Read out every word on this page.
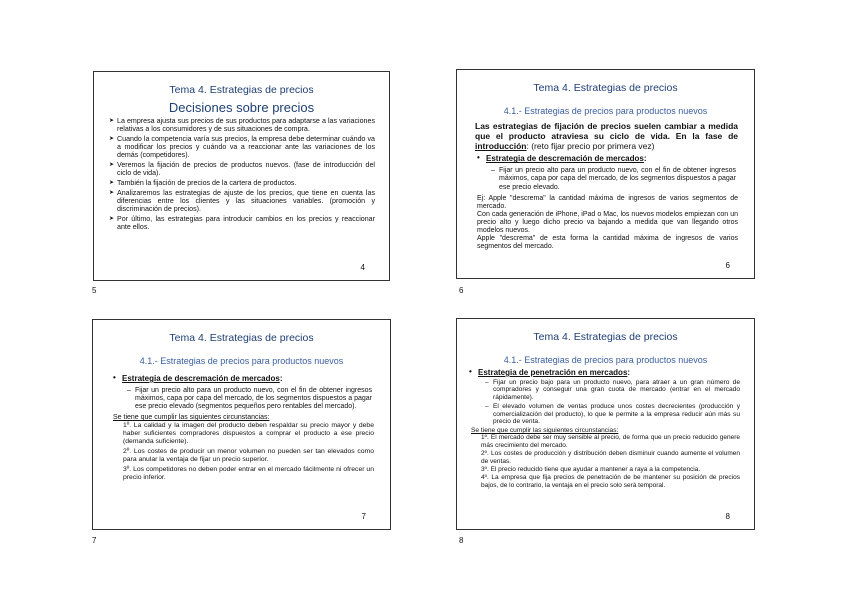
Tema 4. Estrategias de precios
Decisiones sobre precios
➤ La empresa ajusta sus precios de sus productos para adaptarse a las variaciones relativas a los consumidores y de sus situaciones de compra.
➤ Cuando la competencia varía sus precios, la empresa debe determinar cuándo va a modificar los precios y cuándo va a reaccionar ante las variaciones de los demás (competidores).
➤ Veremos la fijación de precios de productos nuevos. (fase de introducción del ciclo de vida).
➤ También la fijación de precios de la cartera de productos.
➤ Analizaremos las estrategias de ajuste de los precios, que tiene en cuenta las diferencias entre los clientes y las situaciones variables. (promoción y discriminación de precios).
➤ Por último, las estrategias para introducir cambios en los precios y reaccionar ante ellos.
4
5
Tema 4. Estrategias de precios
4.1.- Estrategias de precios para productos nuevos

Las estrategias de fijación de precios suelen cambiar a medida que el producto atraviesa su ciclo de vida. En la fase de introducción: (reto fijar precio por primera vez)

• Estrategia de descremación de mercados:
– Fijar un precio alto para un producto nuevo, con el fin de obtener ingresos máximos, capa por capa del mercado, de los segmentos dispuestos a pagar ese precio elevado.

Ej: Apple "descrema" la cantidad máxima de ingresos de varios segmentos de mercado.

Con cada generación de iPhone, iPad o Mac, los nuevos modelos empiezan con un precio alto y luego dicho precio va bajando a medida que van llegando otros modelos nuevos.

Apple "descrema" de esta forma la cantidad máxima de ingresos de varios segmentos del mercado.

6
6
Tema 4. Estrategias de precios
4.1.- Estrategias de precios para productos nuevos
• Estrategia de descremación de mercados:
– Fijar un precio alto para un producto nuevo, con el fin de obtener ingresos máximos, capa por capa del mercado, de los segmentos dispuestos a pagar ese precio elevado (segmentos pequeños pero rentables del mercado).
Se tiene que cumplir las siguientes circunstancias:

1º. La calidad y la imagen del producto deben respaldar su precio mayor y debe haber suficientes compradores dispuestos a comprar el producto a ese precio (demanda suficiente).

2º. Los costes de producir un menor volumen no pueden ser tan elevados como para anular la ventaja de fijar un precio superior.

3º. Los competidores no deben poder entrar en el mercado fácilmente ni ofrecer un precio inferior.

7
7
Tema 4. Estrategias de precios
4.1.- Estrategias de precios para productos nuevos
• Estrategia de penetración en mercados:
– Fijar un precio bajo para un producto nuevo, para atraer a un gran número de compradores y conseguir una gran cuota de mercado (entrar en el mercado rápidamente).
– El elevado volumen de ventas produce unos costes decrecientes (producción y comercialización del producto), lo que le permite a la empresa reducir aún más su precio de venta.
Se tiene que cumplir las siguientes circunstancias:

1º. El mercado debe ser muy sensible al precio, de forma que un precio reducido genere más crecimiento del mercado.

2º. Los costes de producción y distribución deben disminuir cuando aumente el volumen de ventas.

3º. El precio reducido tiene que ayudar a mantener a raya a la competencia.

4º. La empresa que fija precios de penetración de be mantener su posición de precios bajos, de lo contrario, la ventaja en el precio solo será temporal.

8
8
